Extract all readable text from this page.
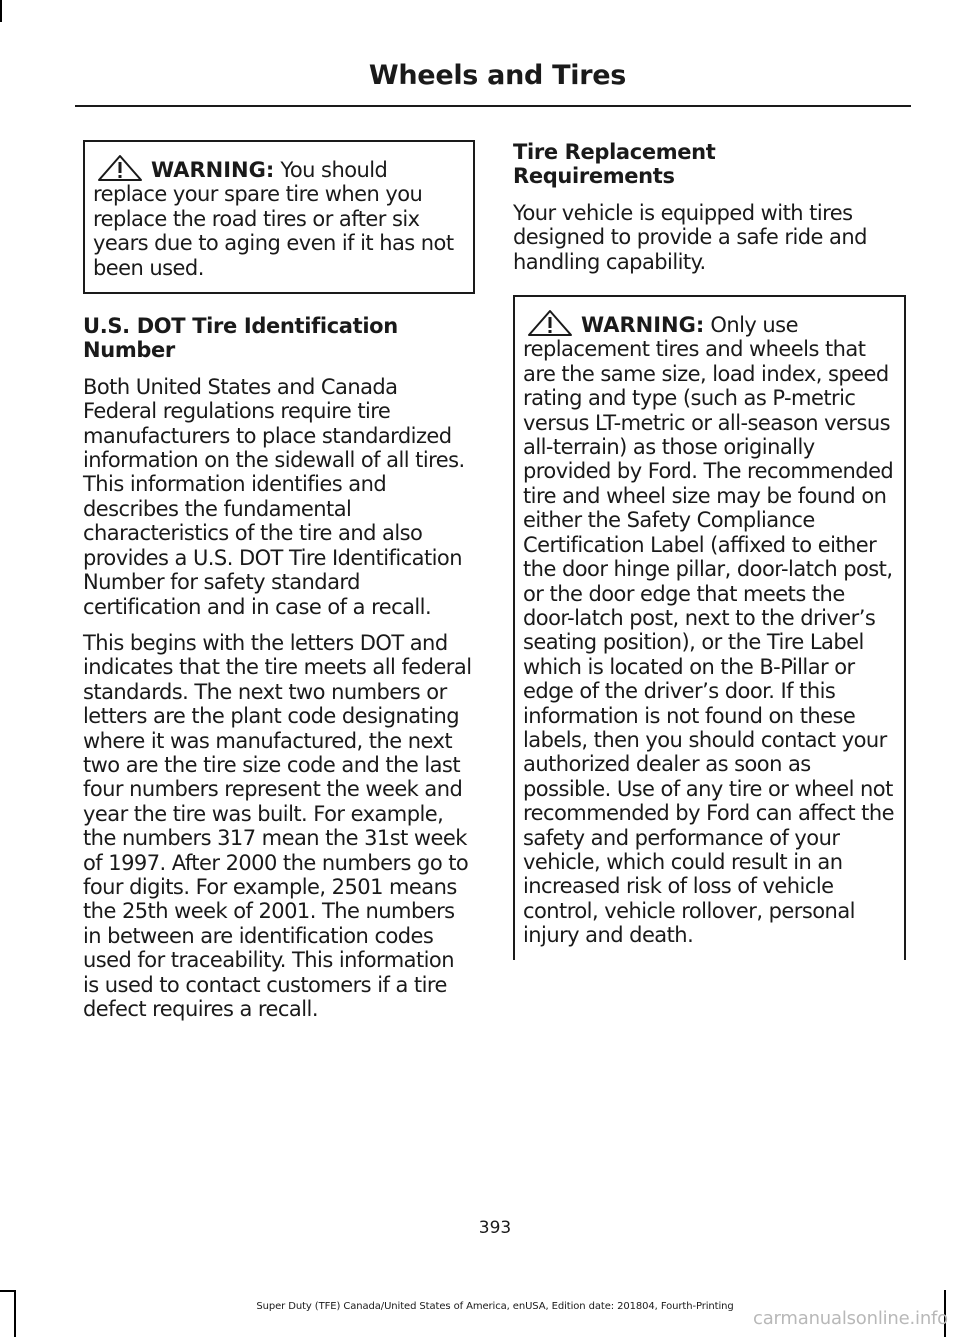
Wheels and Tires
WARNING: You should replace your spare tire when you replace the road tires or after six years due to aging even if it has not been used.
U.S. DOT Tire Identification Number

Both United States and Canada Federal regulations require tire manufacturers to place standardized information on the sidewall of all tires. This information identifies and describes the fundamental characteristics of the tire and also provides a U.S. DOT Tire Identification Number for safety standard certification and in case of a recall.

This begins with the letters DOT and indicates that the tire meets all federal standards. The next two numbers or letters are the plant code designating where it was manufactured, the next two are the tire size code and the last four numbers represent the week and year the tire was built. For example, the numbers 317 mean the 31st week of 1997. After 2000 the numbers go to four digits. For example, 2501 means the 25th week of 2001. The numbers in between are identification codes used for traceability. This information is used to contact customers if a tire defect requires a recall.

Tire Replacement Requirements

Your vehicle is equipped with tires designed to provide a safe ride and handling capability.

WARNING: Only use replacement tires and wheels that are the same size, load index, speed rating and type (such as P-metric versus LT-metric or all-season versus all-terrain) as those originally provided by Ford. The recommended tire and wheel size may be found on either the Safety Compliance Certification Label (affixed to either the door hinge pillar, door-latch post, or the door edge that meets the door-latch post, next to the driver’s seating position), or the Tire Label which is located on the B-Pillar or edge of the driver’s door. If this information is not found on these labels, then you should contact your authorized dealer as soon as possible. Use of any tire or wheel not recommended by Ford can affect the safety and performance of your vehicle, which could result in an increased risk of loss of vehicle control, vehicle rollover, personal injury and death.
393
Super Duty (TFE) Canada/United States of America, enUSA, Edition date: 201804, Fourth-Printing
carmanualsonline.info
